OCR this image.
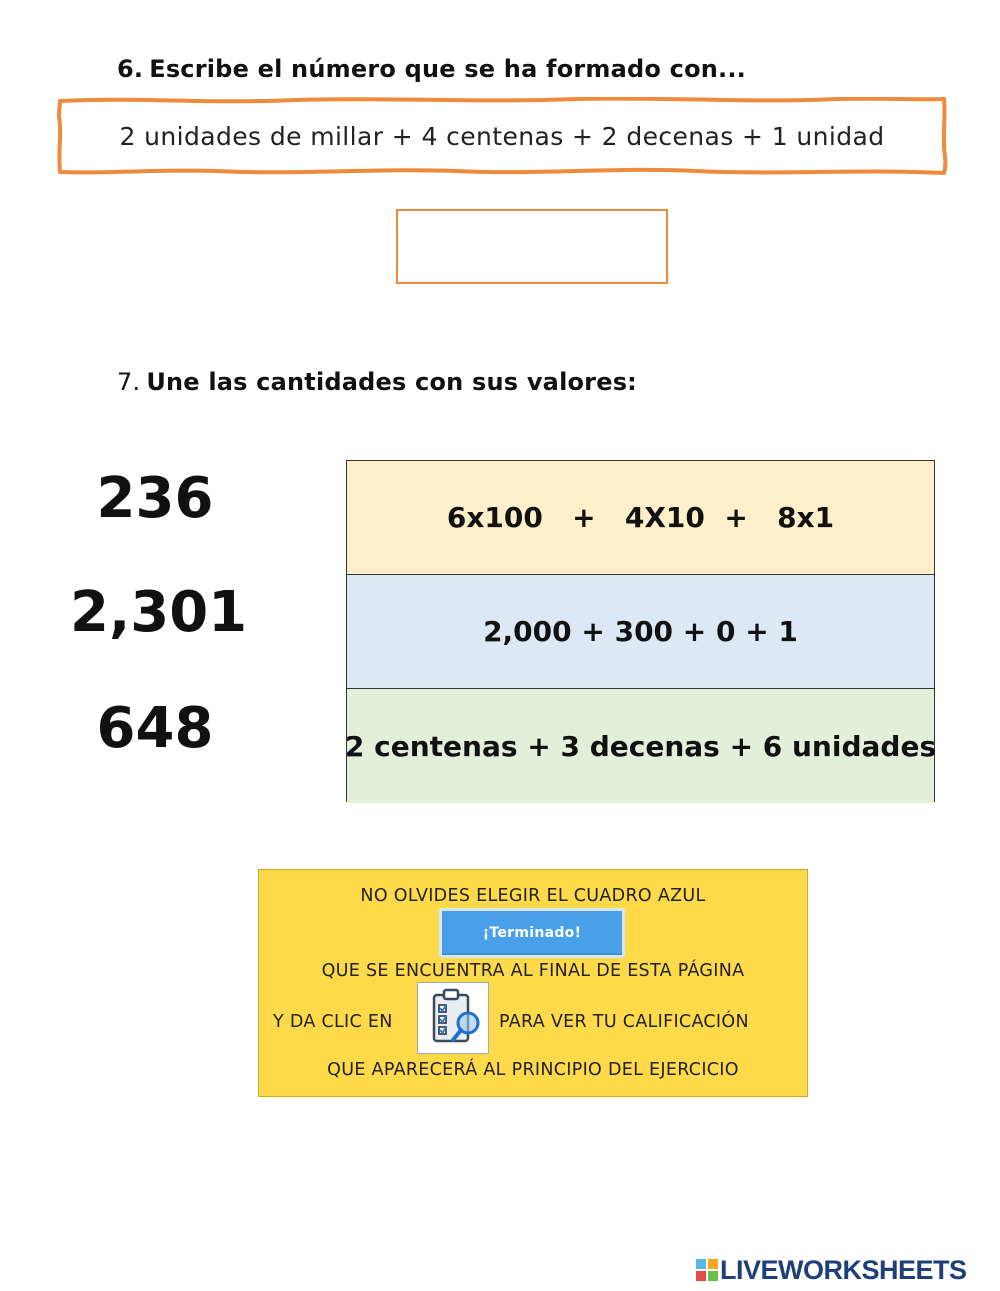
6. Escribe el número que se ha formado con...
2 unidades de millar + 4 centenas + 2 decenas + 1 unidad
7. Une las cantidades con sus valores:
236
2,301
648
6x100   +   4X10  +   8x1
2,000 + 300 + 0 + 1
2 centenas + 3 decenas + 6 unidades
NO OLVIDES ELEGIR EL CUADRO AZUL
¡Terminado!
QUE SE ENCUENTRA AL FINAL DE ESTA PÁGINA
Y DA CLIC EN	PARA VER TU CALIFICACIÓN
QUE APARECERÁ AL PRINCIPIO DEL EJERCICIO
LIVEWORKSHEETS
